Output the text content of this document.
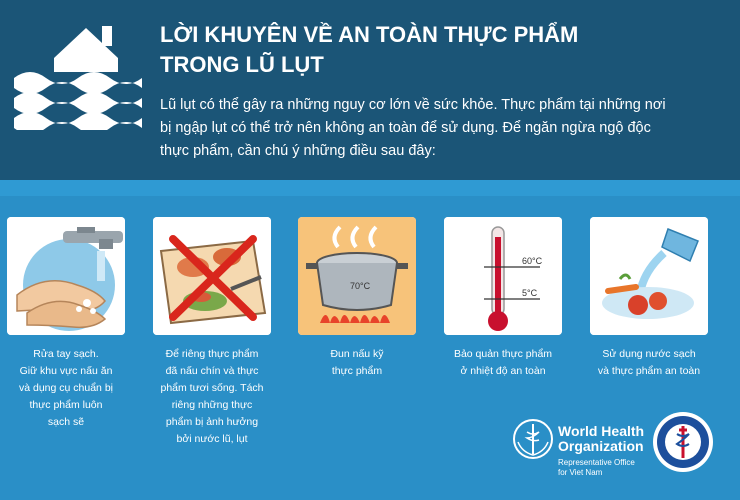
LỜI KHUYÊN VỀ AN TOÀN THỰC PHẨM
TRONG LŨ LỤT
Lũ lụt có thể gây ra những nguy cơ lớn về sức khỏe. Thực phẩm tại những nơi
bị ngập lụt có thể trở nên không an toàn để sử dụng. Để ngăn ngừa ngộ độc
thực phẩm, cần chú ý những điều sau đây:
Rửa tay sạch.
Giữ khu vực nấu ăn
và dụng cụ chuẩn bị
thực phẩm luôn
sạch sẽ
Để riêng thực phẩm
đã nấu chín và thực
phẩm tươi sống. Tách
riêng những thực
phẩm bị ảnh hưởng
bởi nước lũ, lụt
70°C
Đun nấu kỹ
thực phẩm
60°C
5°C
Bảo quản thực phẩm
ở nhiệt độ an toàn
Sử dụng nước sạch
và thực phẩm an toàn
World Health
Organization
Representative Office
for Viet Nam
